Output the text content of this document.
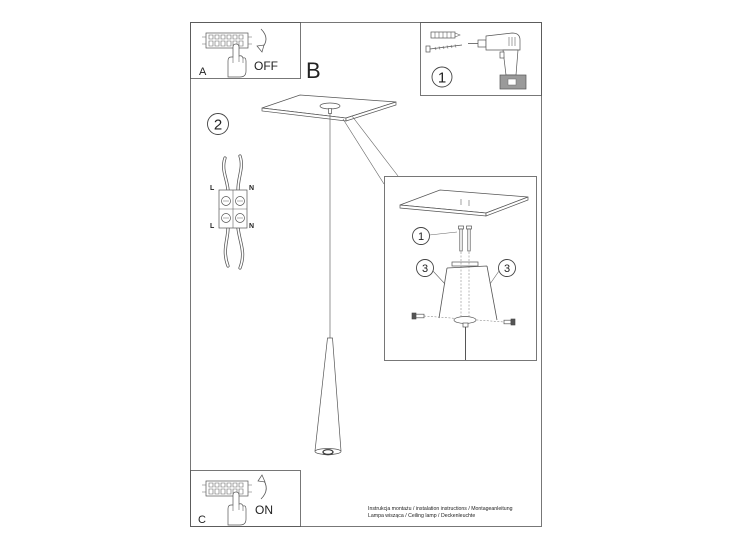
A	OFF B	1
2
L	N
L	N
1
3	3
C
ON	Instrukcja montażu / instalation instructions / Montageanleitung
Lampa wisząca / Ceiling lamp / Deckenleuchte
